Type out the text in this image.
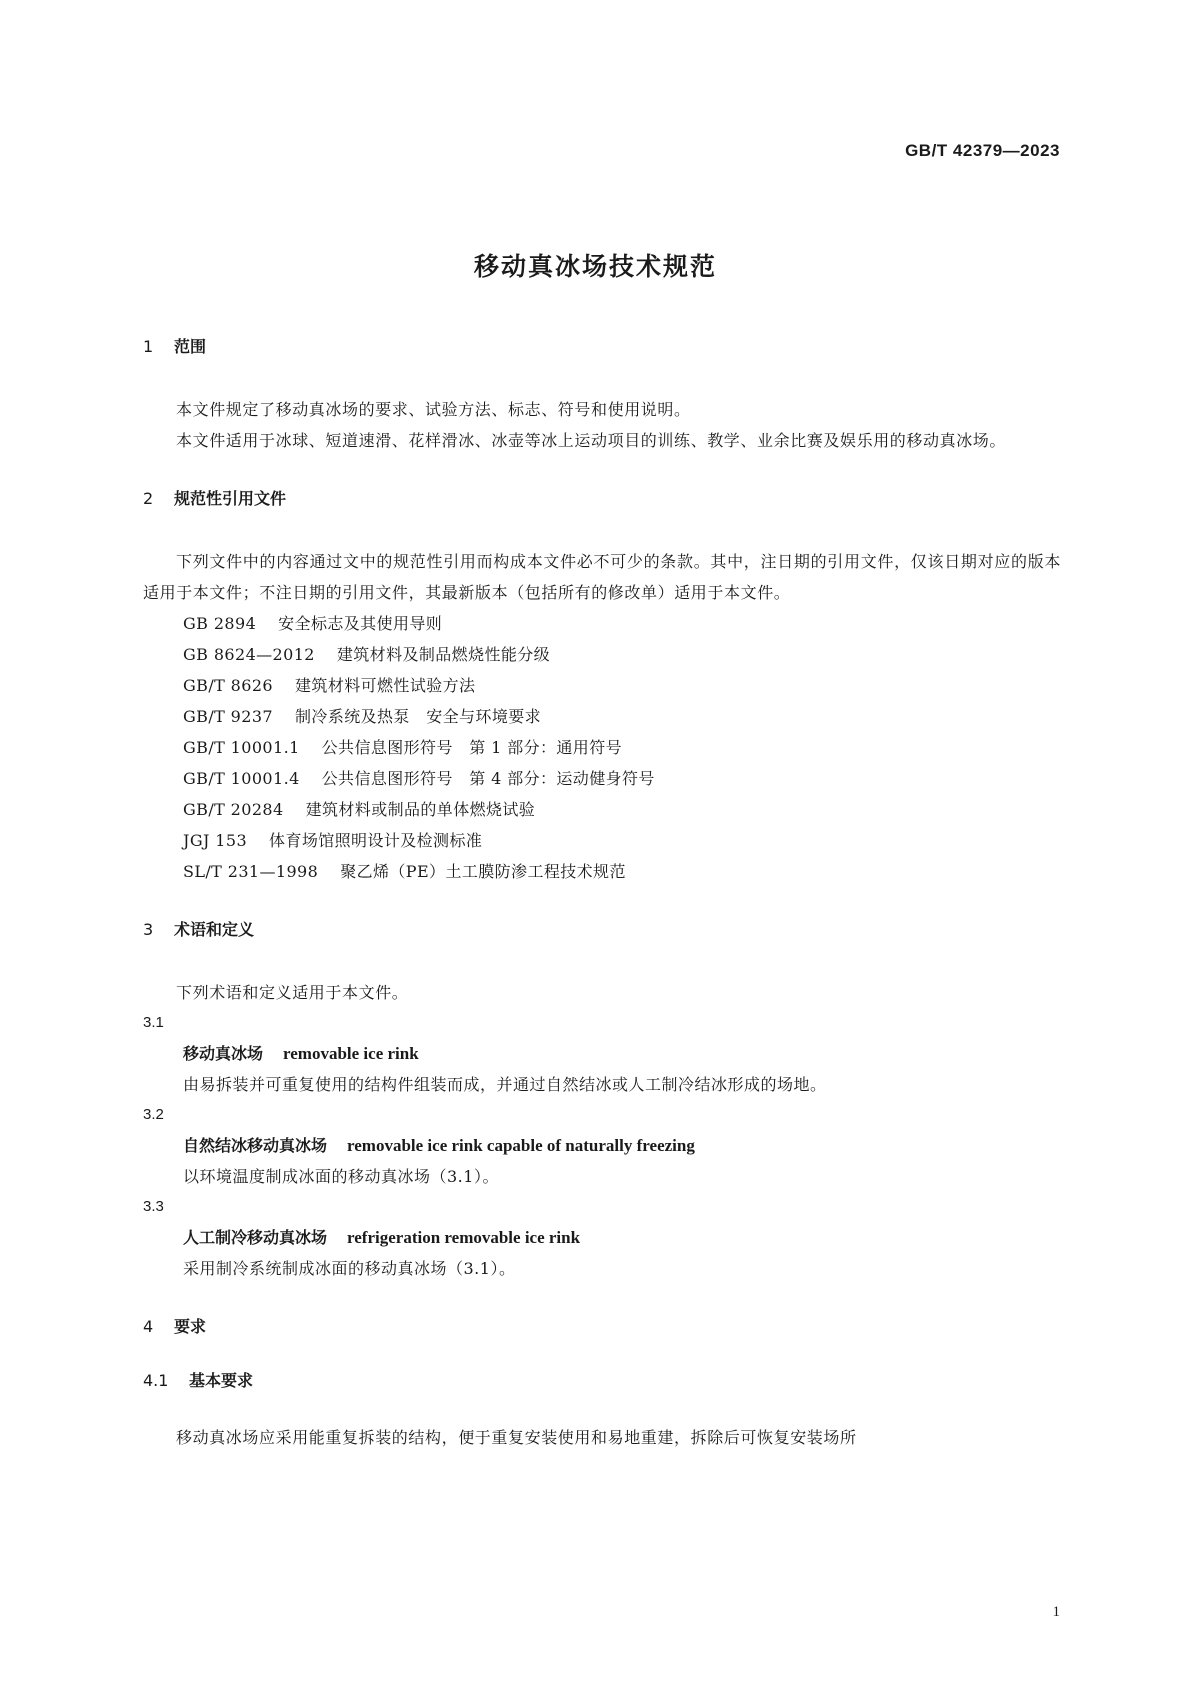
GB/T 42379—2023
移动真冰场技术规范
1 范围
本文件规定了移动真冰场的要求、试验方法、标志、符号和使用说明。
本文件适用于冰球、短道速滑、花样滑冰、冰壶等冰上运动项目的训练、教学、业余比赛及娱乐用的移动真冰场。
2 规范性引用文件
下列文件中的内容通过文中的规范性引用而构成本文件必不可少的条款。其中，注日期的引用文件，仅该日期对应的版本适用于本文件；不注日期的引用文件，其最新版本（包括所有的修改单）适用于本文件。
GB 2894 安全标志及其使用导则
GB 8624—2012 建筑材料及制品燃烧性能分级
GB/T 8626 建筑材料可燃性试验方法
GB/T 9237 制冷系统及热泵　安全与环境要求
GB/T 10001.1 公共信息图形符号　第 1 部分：通用符号
GB/T 10001.4 公共信息图形符号　第 4 部分：运动健身符号
GB/T 20284 建筑材料或制品的单体燃烧试验
JGJ 153 体育场馆照明设计及检测标准
SL/T 231—1998 聚乙烯（PE）土工膜防渗工程技术规范
3 术语和定义
下列术语和定义适用于本文件。
3.1
移动真冰场 removable ice rink
由易拆装并可重复使用的结构件组装而成，并通过自然结冰或人工制冷结冰形成的场地。
3.2
自然结冰移动真冰场 removable ice rink capable of naturally freezing
以环境温度制成冰面的移动真冰场（3.1）。
3.3
人工制冷移动真冰场 refrigeration removable ice rink
采用制冷系统制成冰面的移动真冰场（3.1）。
4 要求
4.1 基本要求
移动真冰场应采用能重复拆装的结构，便于重复安装使用和易地重建，拆除后可恢复安装场所
1
